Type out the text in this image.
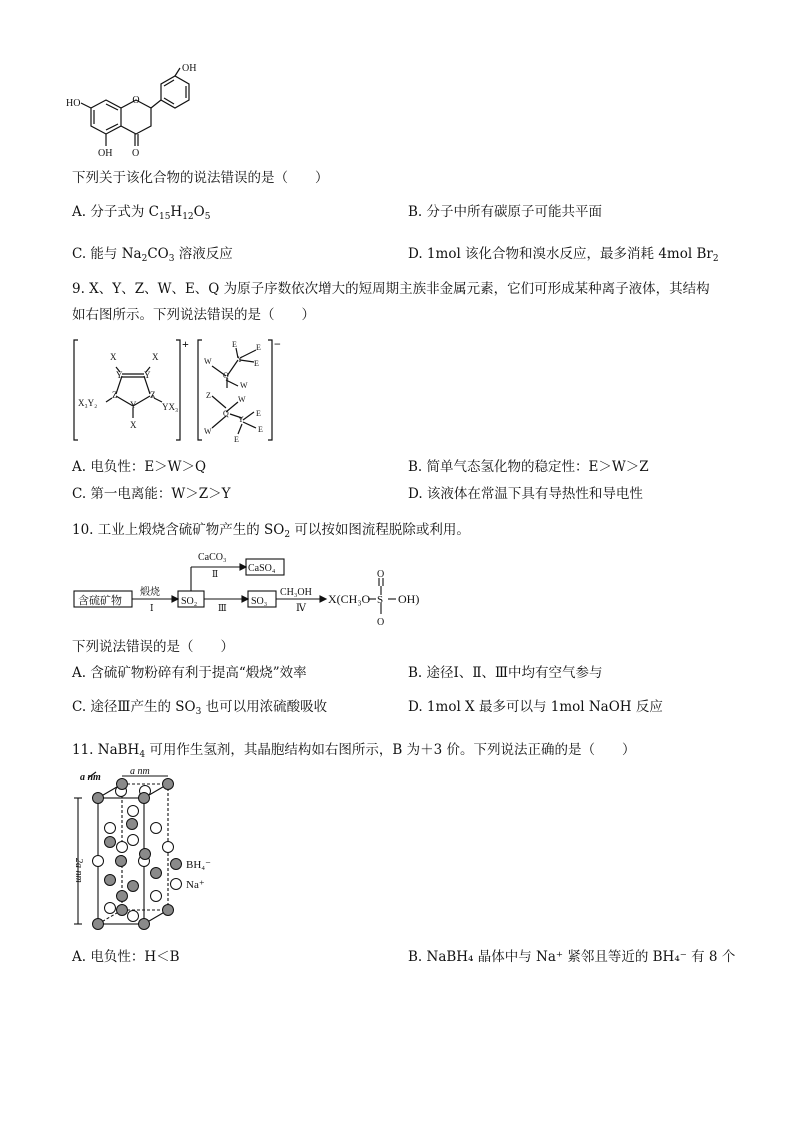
O
OH
HO
OH O
下列关于该化合物的说法错误的是（　　）
A. 分子式为 $C_{15}H_{12}O_5$	B. 分子中所有碳原子可能共平面
C. 能与 $Na_2CO_3$ 溶液反应	D. 1mol 该化合物和溴水反应，最多消耗 4mol $Br_2$
9. X、Y、Z、W、E、Q 为原子序数依次增大的短周期主族非金属元素，它们可形成某种离子液体，其结构
如右图所示。下列说法错误的是（　　）
X	X
Y Y
Z	Z
Y
X
X₃Y₂	YX₃
+	E E
E
Y
W
Q
W
Z
Q
W
W
Y
E
E
E
−
A. 电负性：E＞W＞Q	B. 简单气态氢化物的稳定性：E＞W＞Z
C. 第一电离能：W＞Z＞Y	D. 该液体在常温下具有导热性和导电性
10. 工业上煅烧含硫矿物产生的 $SO_2$ 可以按如图流程脱除或利用。
含硫矿物
煅烧
Ⅰ
SO₂
CaCO₃
Ⅱ	CaSO₄
Ⅲ
SO₃
CH₃OH
Ⅳ
X(CH₃O S OH)
O
O
下列说法错误的是（　　）
A. 含硫矿物粉碎有利于提高“煅烧”效率	B. 途径Ⅰ、Ⅱ、Ⅲ中均有空气参与
C. 途径Ⅲ产生的 $SO_3$ 也可以用浓硫酸吸收	D. 1mol X 最多可以与 1mol NaOH 反应
11. NaBH$_4$ 可用作生氢剂，其晶胞结构如右图所示，B 为＋3 价。下列说法正确的是（　　）
a nm
a nm
2a nm	BH₄⁻
Na⁺
A. 电负性：H＜B	B. NaBH₄ 晶体中与 Na⁺ 紧邻且等近的 BH₄⁻ 有 8 个
